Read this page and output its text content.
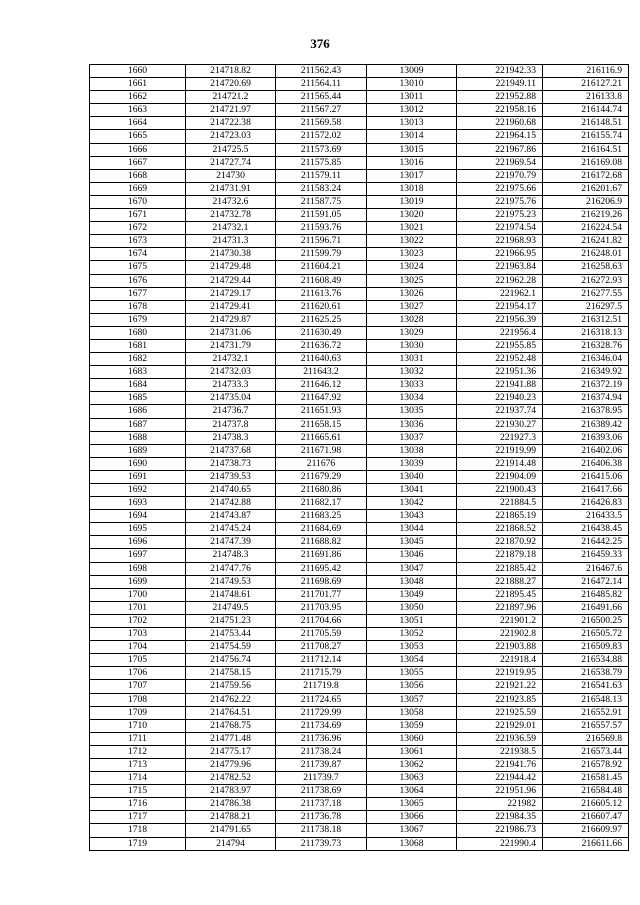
376
1660	214718.82	211562.43	13009	221942.33	216116.9
1661	214720.69	211564.11	13010	221949.11	216127.21
1662	214721.2	211565.44	13011	221952.88	216133.8
1663	214721.97	211567.27	13012	221958.16	216144.74
1664	214722.38	211569.58	13013	221960.68	216148.51
1665	214723.03	211572.02	13014	221964.15	216155.74
1666	214725.5	211573.69	13015	221967.86	216164.51
1667	214727.74	211575.85	13016	221969.54	216169.08
1668	214730	211579.11	13017	221970.79	216172.68
1669	214731.91	211583.24	13018	221975.66	216201.67
1670	214732.6	211587.75	13019	221975.76	216206.9
1671	214732.78	211591.05	13020	221975.23	216219.26
1672	214732.1	211593.76	13021	221974.54	216224.54
1673	214731.3	211596.71	13022	221968.93	216241.82
1674	214730.38	211599.79	13023	221966.95	216248.01
1675	214729.48	211604.21	13024	221963.84	216258.63
1676	214729.44	211608.49	13025	221962.28	216272.93
1677	214729.17	211613.76	13026	221962.1	216277.55
1678	214729.41	211620.61	13027	221954.17	216297.5
1679	214729.87	211625.25	13028	221956.39	216312.51
1680	214731.06	211630.49	13029	221956.4	216318.13
1681	214731.79	211636.72	13030	221955.85	216328.76
1682	214732.1	211640.63	13031	221952.48	216346.04
1683	214732.03	211643.2	13032	221951.36	216349.92
1684	214733.3	211646.12	13033	221941.88	216372.19
1685	214735.04	211647.92	13034	221940.23	216374.94
1686	214736.7	211651.93	13035	221937.74	216378.95
1687	214737.8	211658.15	13036	221930.27	216389.42
1688	214738.3	211665.61	13037	221927.3	216393.06
1689	214737.68	211671.98	13038	221919.99	216402.06
1690	214738.73	211676	13039	221914.48	216406.38
1691	214739.53	211679.29	13040	221904.09	216415.06
1692	214740.65	211680.86	13041	221900.43	216417.66
1693	214742.88	211682.17	13042	221884.5	216426.83
1694	214743.87	211683.25	13043	221865.19	216433.5
1695	214745.24	211684.69	13044	221868.52	216438.45
1696	214747.39	211688.82	13045	221870.92	216442.25
1697	214748.3	211691.86	13046	221879.18	216459.33
1698	214747.76	211695.42	13047	221885.42	216467.6
1699	214749.53	211698.69	13048	221888.27	216472.14
1700	214748.61	211701.77	13049	221895.45	216485.82
1701	214749.5	211703.95	13050	221897.96	216491.66
1702	214751.23	211704.66	13051	221901.2	216500.25
1703	214753.44	211705.59	13052	221902.8	216505.72
1704	214754.59	211708.27	13053	221903.88	216509.83
1705	214756.74	211712.14	13054	221918.4	216534.88
1706	214758.15	211715.79	13055	221919.95	216538.79
1707	214759.56	211719.8	13056	221921.22	216541.63
1708	214762.22	211724.65	13057	221923.85	216548.13
1709	214764.51	211729.99	13058	221925.59	216552.91
1710	214768.75	211734.69	13059	221929.01	216557.57
1711	214771.48	211736.96	13060	221936.59	216569.8
1712	214775.17	211738.24	13061	221938.5	216573.44
1713	214779.96	211739.87	13062	221941.76	216578.92
1714	214782.52	211739.7	13063	221944.42	216581.45
1715	214783.97	211738.69	13064	221951.96	216584.48
1716	214786.38	211737.18	13065	221982	216605.12
1717	214788.21	211736.78	13066	221984.35	216607.47
1718	214791.65	211738.18	13067	221986.73	216609.97
1719	214794	211739.73	13068	221990.4	216611.66
